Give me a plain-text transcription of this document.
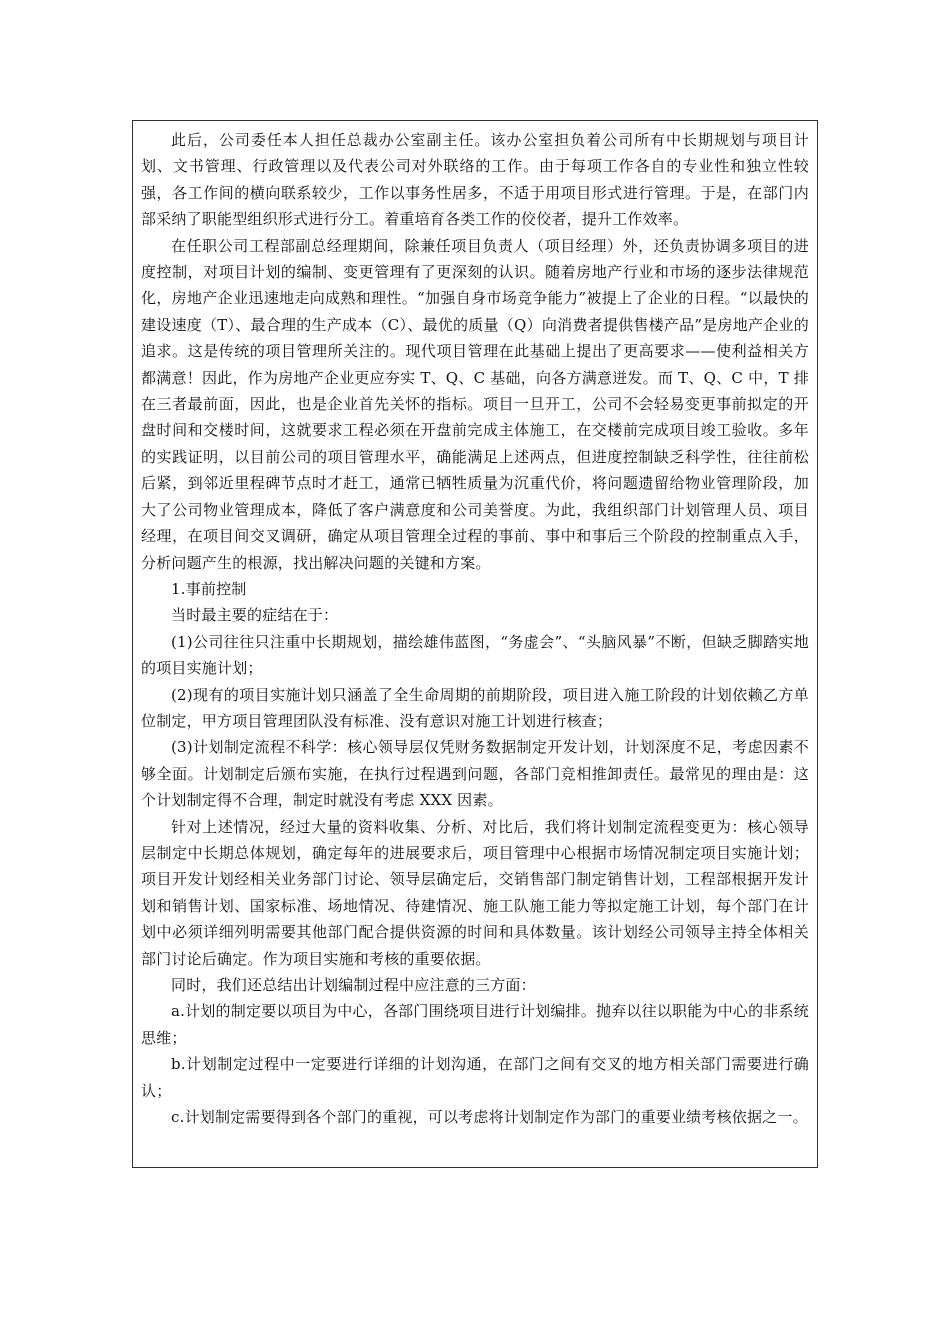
此后，公司委任本人担任总裁办公室副主任。该办公室担负着公司所有中长期规划与项目计划、文书管理、行政管理以及代表公司对外联络的工作。由于每项工作各自的专业性和独立性较强，各工作间的横向联系较少，工作以事务性居多，不适于用项目形式进行管理。于是，在部门内部采纳了职能型组织形式进行分工。着重培育各类工作的佼佼者，提升工作效率。

在任职公司工程部副总经理期间，除兼任项目负责人（项目经理）外，还负责协调多项目的进度控制，对项目计划的编制、变更管理有了更深刻的认识。随着房地产行业和市场的逐步法律规范化，房地产企业迅速地走向成熟和理性。“加强自身市场竞争能力”被提上了企业的日程。“以最快的建设速度（T）、最合理的生产成本（C）、最优的质量（Q）向消费者提供售楼产品”是房地产企业的追求。这是传统的项目管理所关注的。现代项目管理在此基础上提出了更高要求——使利益相关方都满意！因此，作为房地产企业更应夯实 T、Q、C 基础，向各方满意迸发。而 T、Q、C 中，T 排在三者最前面，因此，也是企业首先关怀的指标。项目一旦开工，公司不会轻易变更事前拟定的开盘时间和交楼时间，这就要求工程必须在开盘前完成主体施工，在交楼前完成项目竣工验收。多年的实践证明，以目前公司的项目管理水平，确能满足上述两点，但进度控制缺乏科学性，往往前松后紧，到邻近里程碑节点时才赶工，通常已牺牲质量为沉重代价，将问题遗留给物业管理阶段，加大了公司物业管理成本，降低了客户满意度和公司美誉度。为此，我组织部门计划管理人员、项目经理，在项目间交叉调研，确定从项目管理全过程的事前、事中和事后三个阶段的控制重点入手，分析问题产生的根源，找出解决问题的关键和方案。

1.事前控制

当时最主要的症结在于：

(1)公司往往只注重中长期规划，描绘雄伟蓝图，“务虚会”、“头脑风暴”不断，但缺乏脚踏实地的项目实施计划；

(2)现有的项目实施计划只涵盖了全生命周期的前期阶段，项目进入施工阶段的计划依赖乙方单位制定，甲方项目管理团队没有标准、没有意识对施工计划进行核查；

(3)计划制定流程不科学：核心领导层仅凭财务数据制定开发计划，计划深度不足，考虑因素不够全面。计划制定后颁布实施，在执行过程遇到问题，各部门竞相推卸责任。最常见的理由是：这个计划制定得不合理，制定时就没有考虑 XXX 因素。

针对上述情况，经过大量的资料收集、分析、对比后，我们将计划制定流程变更为：核心领导层制定中长期总体规划，确定每年的进展要求后，项目管理中心根据市场情况制定项目实施计划；项目开发计划经相关业务部门讨论、领导层确定后，交销售部门制定销售计划，工程部根据开发计划和销售计划、国家标准、场地情况、待建情况、施工队施工能力等拟定施工计划，每个部门在计划中必须详细列明需要其他部门配合提供资源的时间和具体数量。该计划经公司领导主持全体相关部门讨论后确定。作为项目实施和考核的重要依据。

同时，我们还总结出计划编制过程中应注意的三方面：

a.计划的制定要以项目为中心，各部门围绕项目进行计划编排。抛弃以往以职能为中心的非系统思维；

b.计划制定过程中一定要进行详细的计划沟通，在部门之间有交叉的地方相关部门需要进行确认；

c.计划制定需要得到各个部门的重视，可以考虑将计划制定作为部门的重要业绩考核依据之一。
